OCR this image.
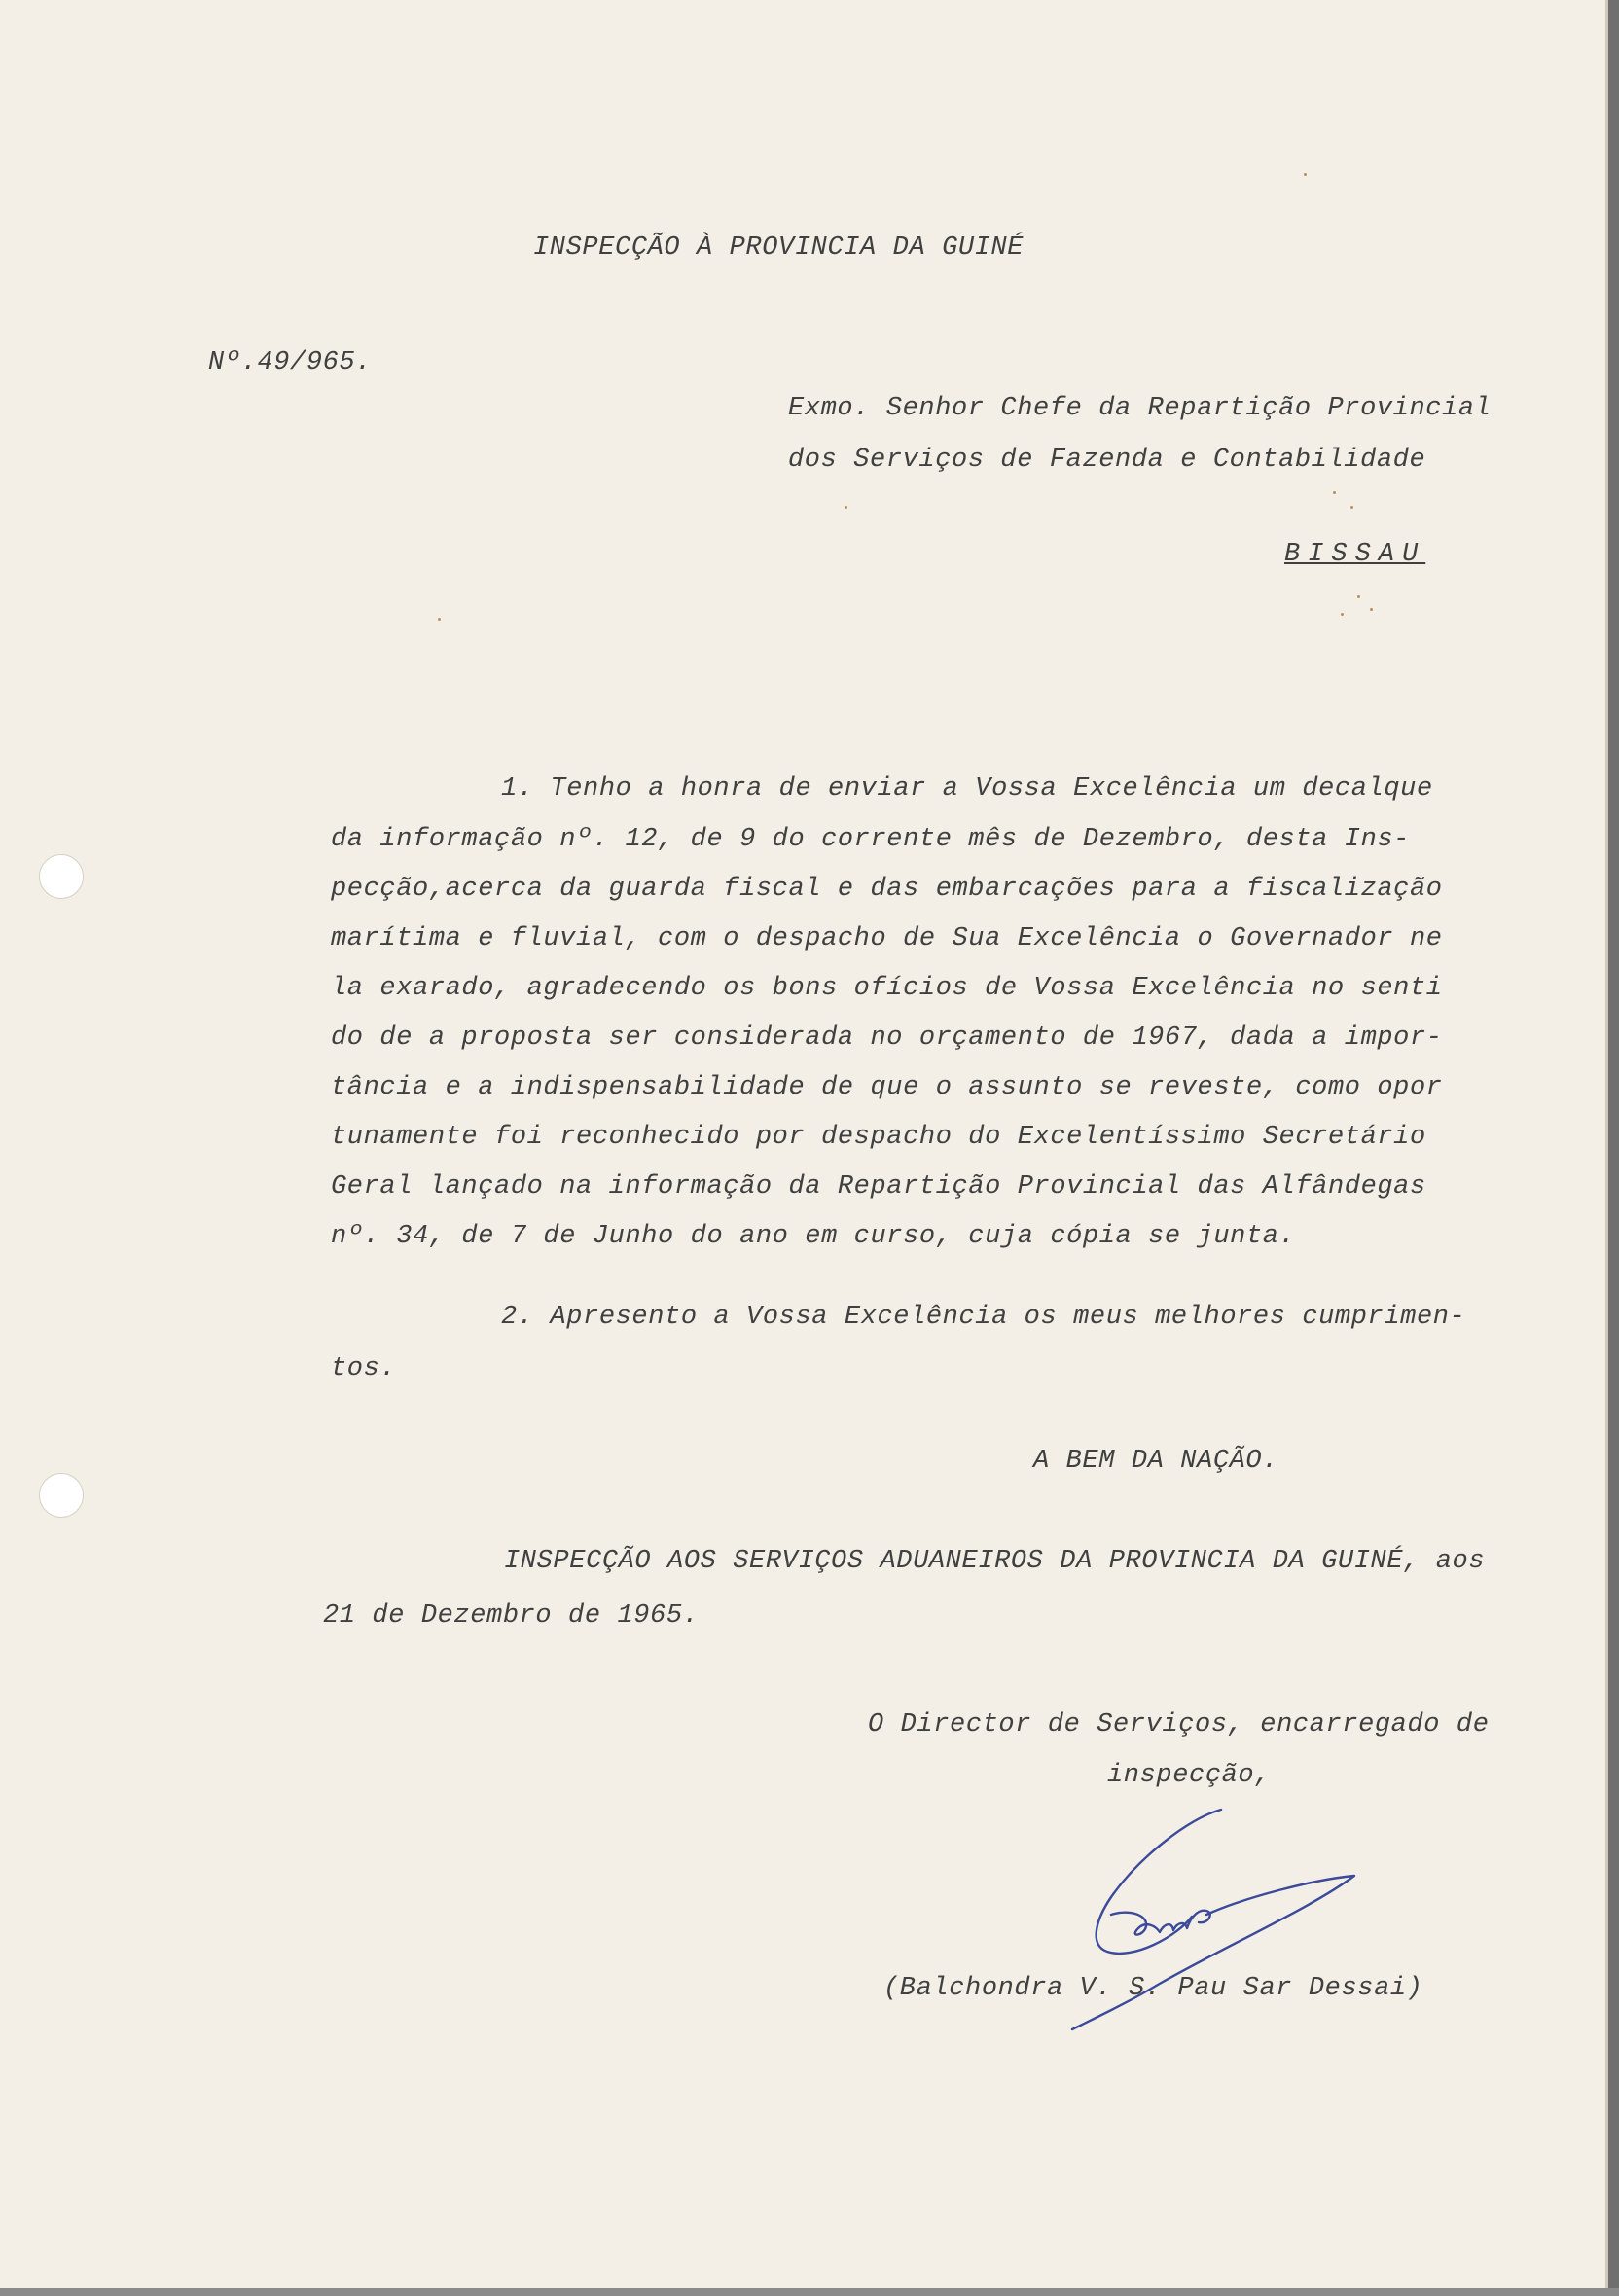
INSPECÇÃO À PROVINCIA DA GUINÉ
Nº.49/965.
Exmo. Senhor Chefe da Repartição Provincial
dos Serviços de Fazenda e Contabilidade
BISSAU
1. Tenho a honra de enviar a Vossa Excelência um decalque
da informação nº. 12, de 9 do corrente mês de Dezembro, desta Ins-
pecção,acerca da guarda fiscal e das embarcações para a fiscalização
marítima e fluvial, com o despacho de Sua Excelência o Governador ne
la exarado, agradecendo os bons ofícios de Vossa Excelência no senti
do de a proposta ser considerada no orçamento de 1967, dada a impor-
tância e a indispensabilidade de que o assunto se reveste, como opor
tunamente foi reconhecido por despacho do Excelentíssimo Secretário
Geral lançado na informação da Repartição Provincial das Alfândegas
nº. 34, de 7 de Junho do ano em curso, cuja cópia se junta.
2. Apresento a Vossa Excelência os meus melhores cumprimen-
tos.
A BEM DA NAÇÃO.
INSPECÇÃO AOS SERVIÇOS ADUANEIROS DA PROVINCIA DA GUINÉ, aos
21 de Dezembro de 1965.
O Director de Serviços, encarregado de
inspecção,
(Balchondra V. S. Pau Sar Dessai)
